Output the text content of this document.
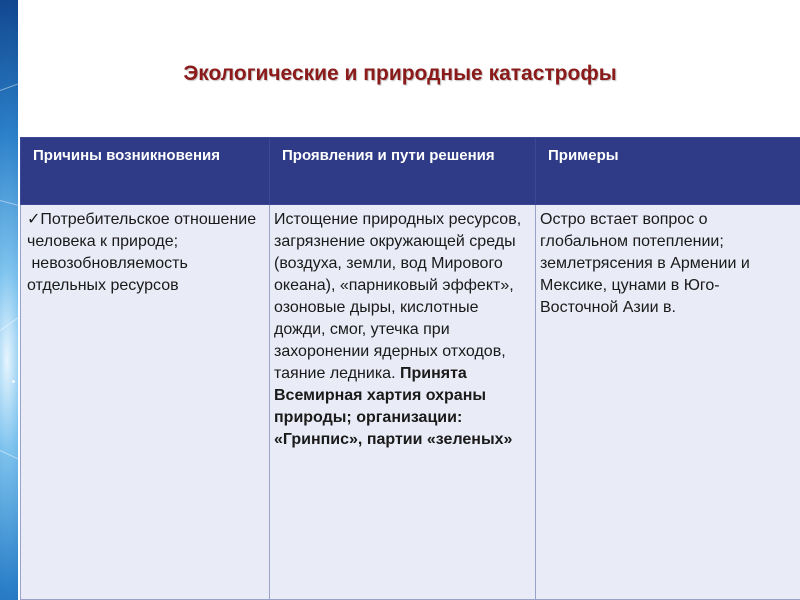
Экологические и природные катастрофы
Причины возникновения	Проявления и пути решения	Примеры
✓Потребительское отношение человека к природе;
невозобновляемость отдельных ресурсов	Истощение природных ресурсов, загрязнение окружающей среды (воздуха, земли, вод Мирового океана), «парниковый эффект», озоновые дыры, кислотные дожди, смог, утечка при захоронении ядерных отходов, таяние ледника. Принята Всемирная хартия охраны природы; организации: «Гринпис», партии «зеленых»	Остро встает вопрос о глобальном потеплении; землетрясения в Армении и Мексике, цунами в Юго-Восточной Азии в.
